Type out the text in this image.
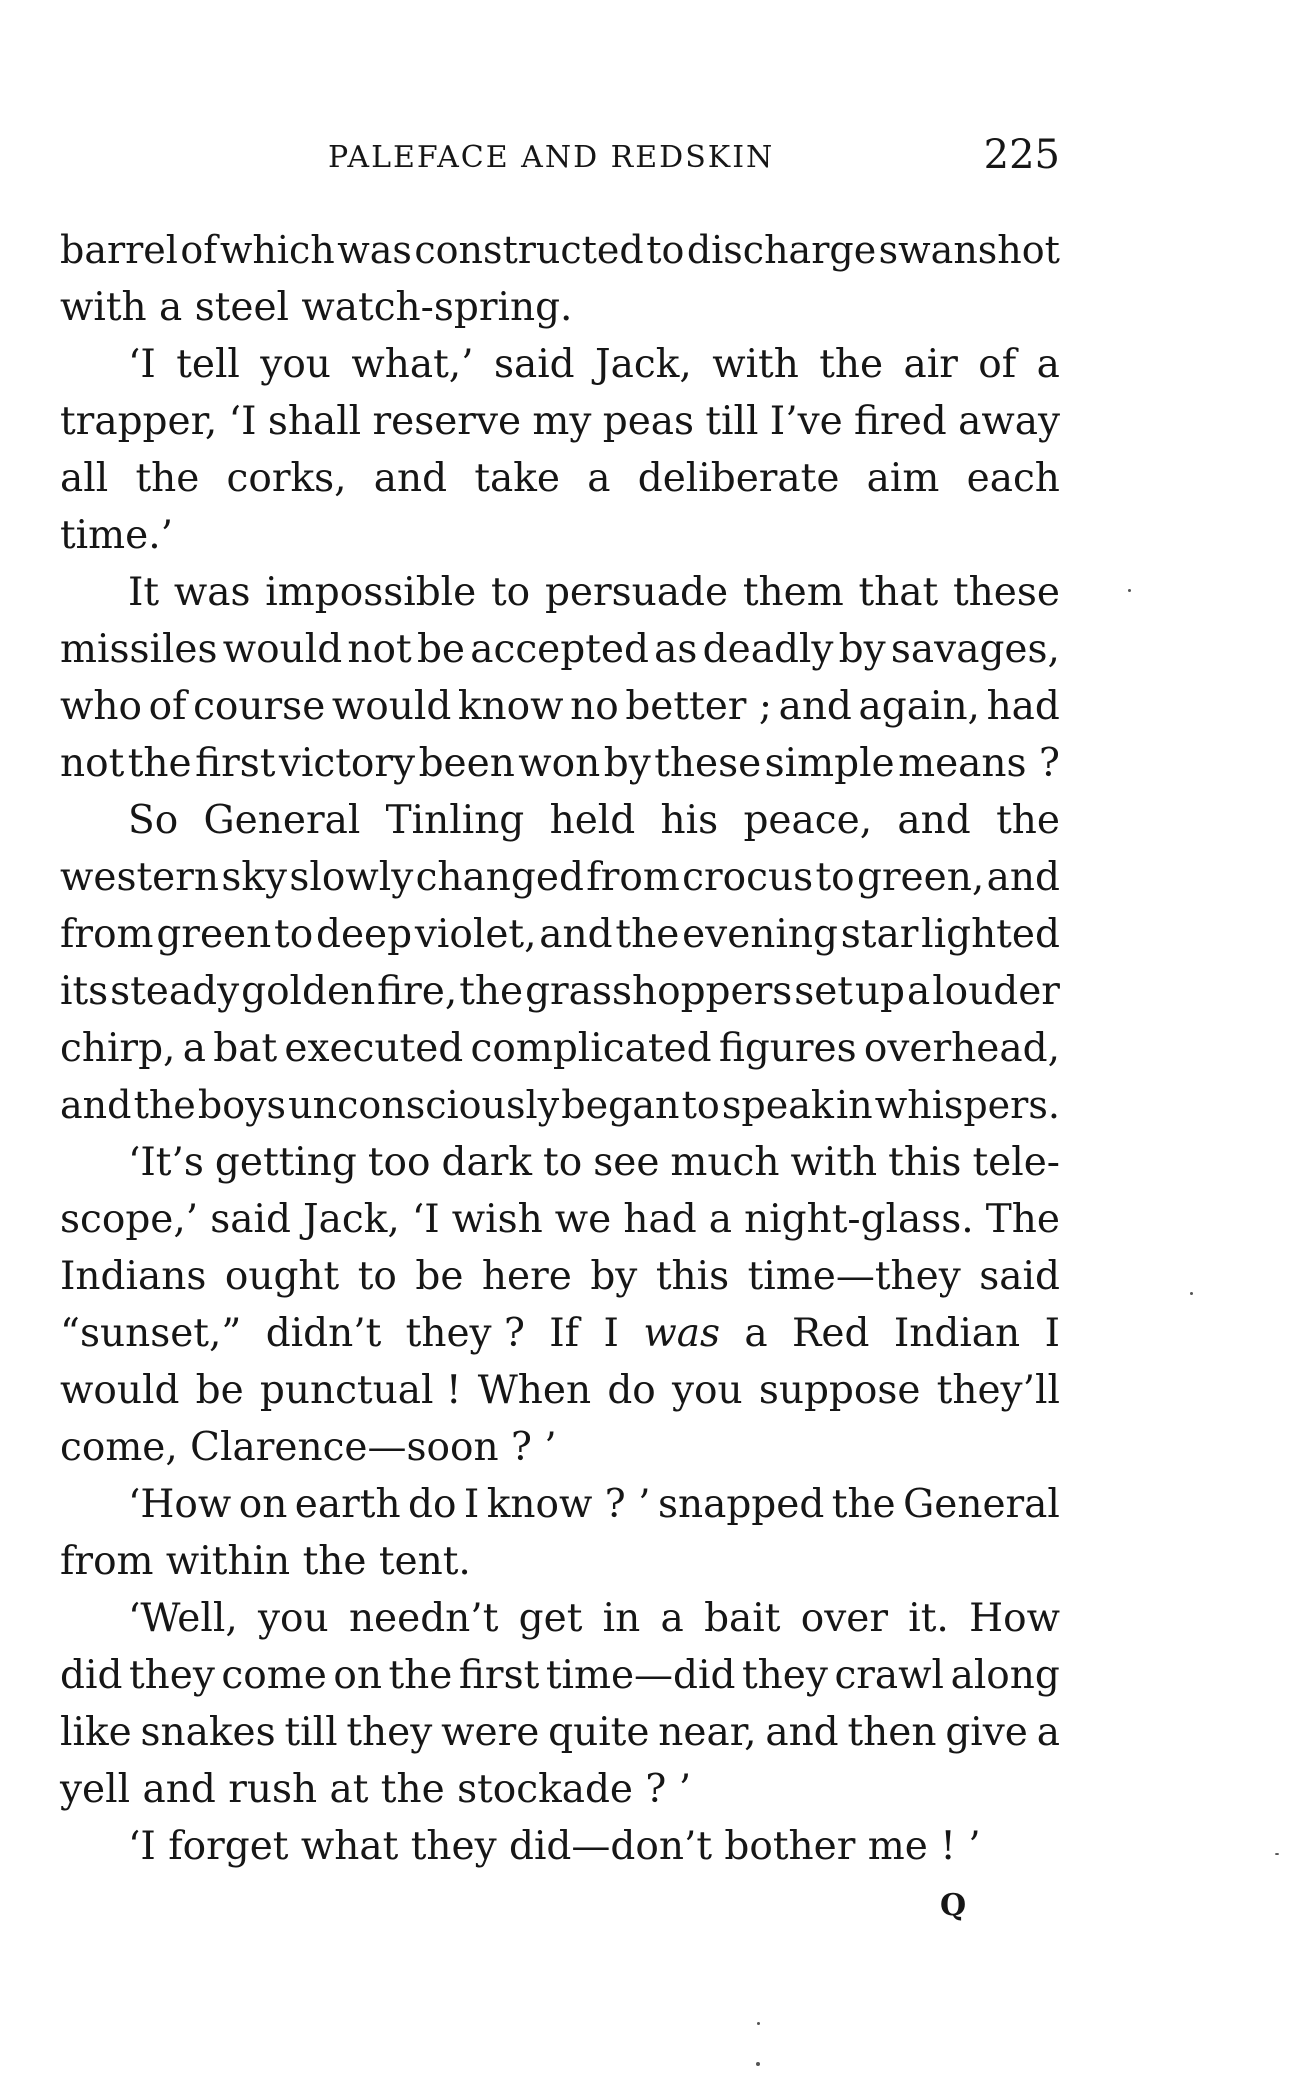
PALEFACE AND REDSKIN	225
barrel of which was constructed to discharge swanshot
with a steel watch-spring.
‘I tell you what,’ said Jack, with the air of a
trapper, ‘I shall reserve my peas till I’ve fired away
all the corks, and take a deliberate aim each
time.’
It was impossible to persuade them that these
missiles would not be accepted as deadly by savages,
who of course would know no better ; and again, had
not the first victory been won by these simple means ?
So General Tinling held his peace, and the
western sky slowly changed from crocus to green, and
from green to deep violet, and the evening star lighted
its steady golden fire, the grasshoppers set up a louder
chirp, a bat executed complicated figures overhead,
and the boys unconsciously began to speak in whispers.
‘It’s getting too dark to see much with this tele-
scope,’ said Jack, ‘I wish we had a night-glass. The
Indians ought to be here by this time—they said
“sunset,” didn’t they ? If I was a Red Indian I
would be punctual ! When do you suppose they’ll
come, Clarence—soon ? ’
‘How on earth do I know ? ’ snapped the General
from within the tent.
‘Well, you needn’t get in a bait over it. How
did they come on the first time—did they crawl along
like snakes till they were quite near, and then give a
yell and rush at the stockade ? ’
‘I forget what they did—don’t bother me ! ’
Q
